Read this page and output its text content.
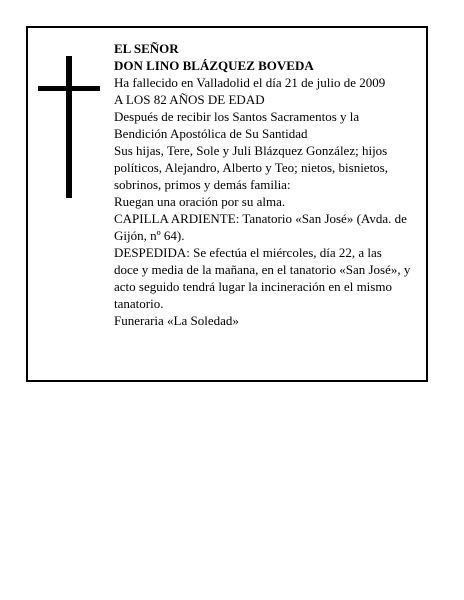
EL SEÑOR
DON LINO BLÁZQUEZ BOVEDA
Ha fallecido en Valladolid el día 21 de julio de 2009
A LOS 82 AÑOS DE EDAD
Después de recibir los Santos Sacramentos y la
Bendición Apostólica de Su Santidad
Sus hijas, Tere, Sole y Juli Blázquez González; hijos
políticos, Alejandro, Alberto y Teo; nietos, bisnietos,
sobrinos, primos y demás familia:
Ruegan una oración por su alma.
CAPILLA ARDIENTE: Tanatorio «San José» (Avda. de
Gijón, nº 64).
DESPEDIDA: Se efectúa el miércoles, día 22, a las
doce y media de la mañana, en el tanatorio «San José», y
acto seguido tendrá lugar la incineración en el mismo
tanatorio.
Funeraria «La Soledad»
